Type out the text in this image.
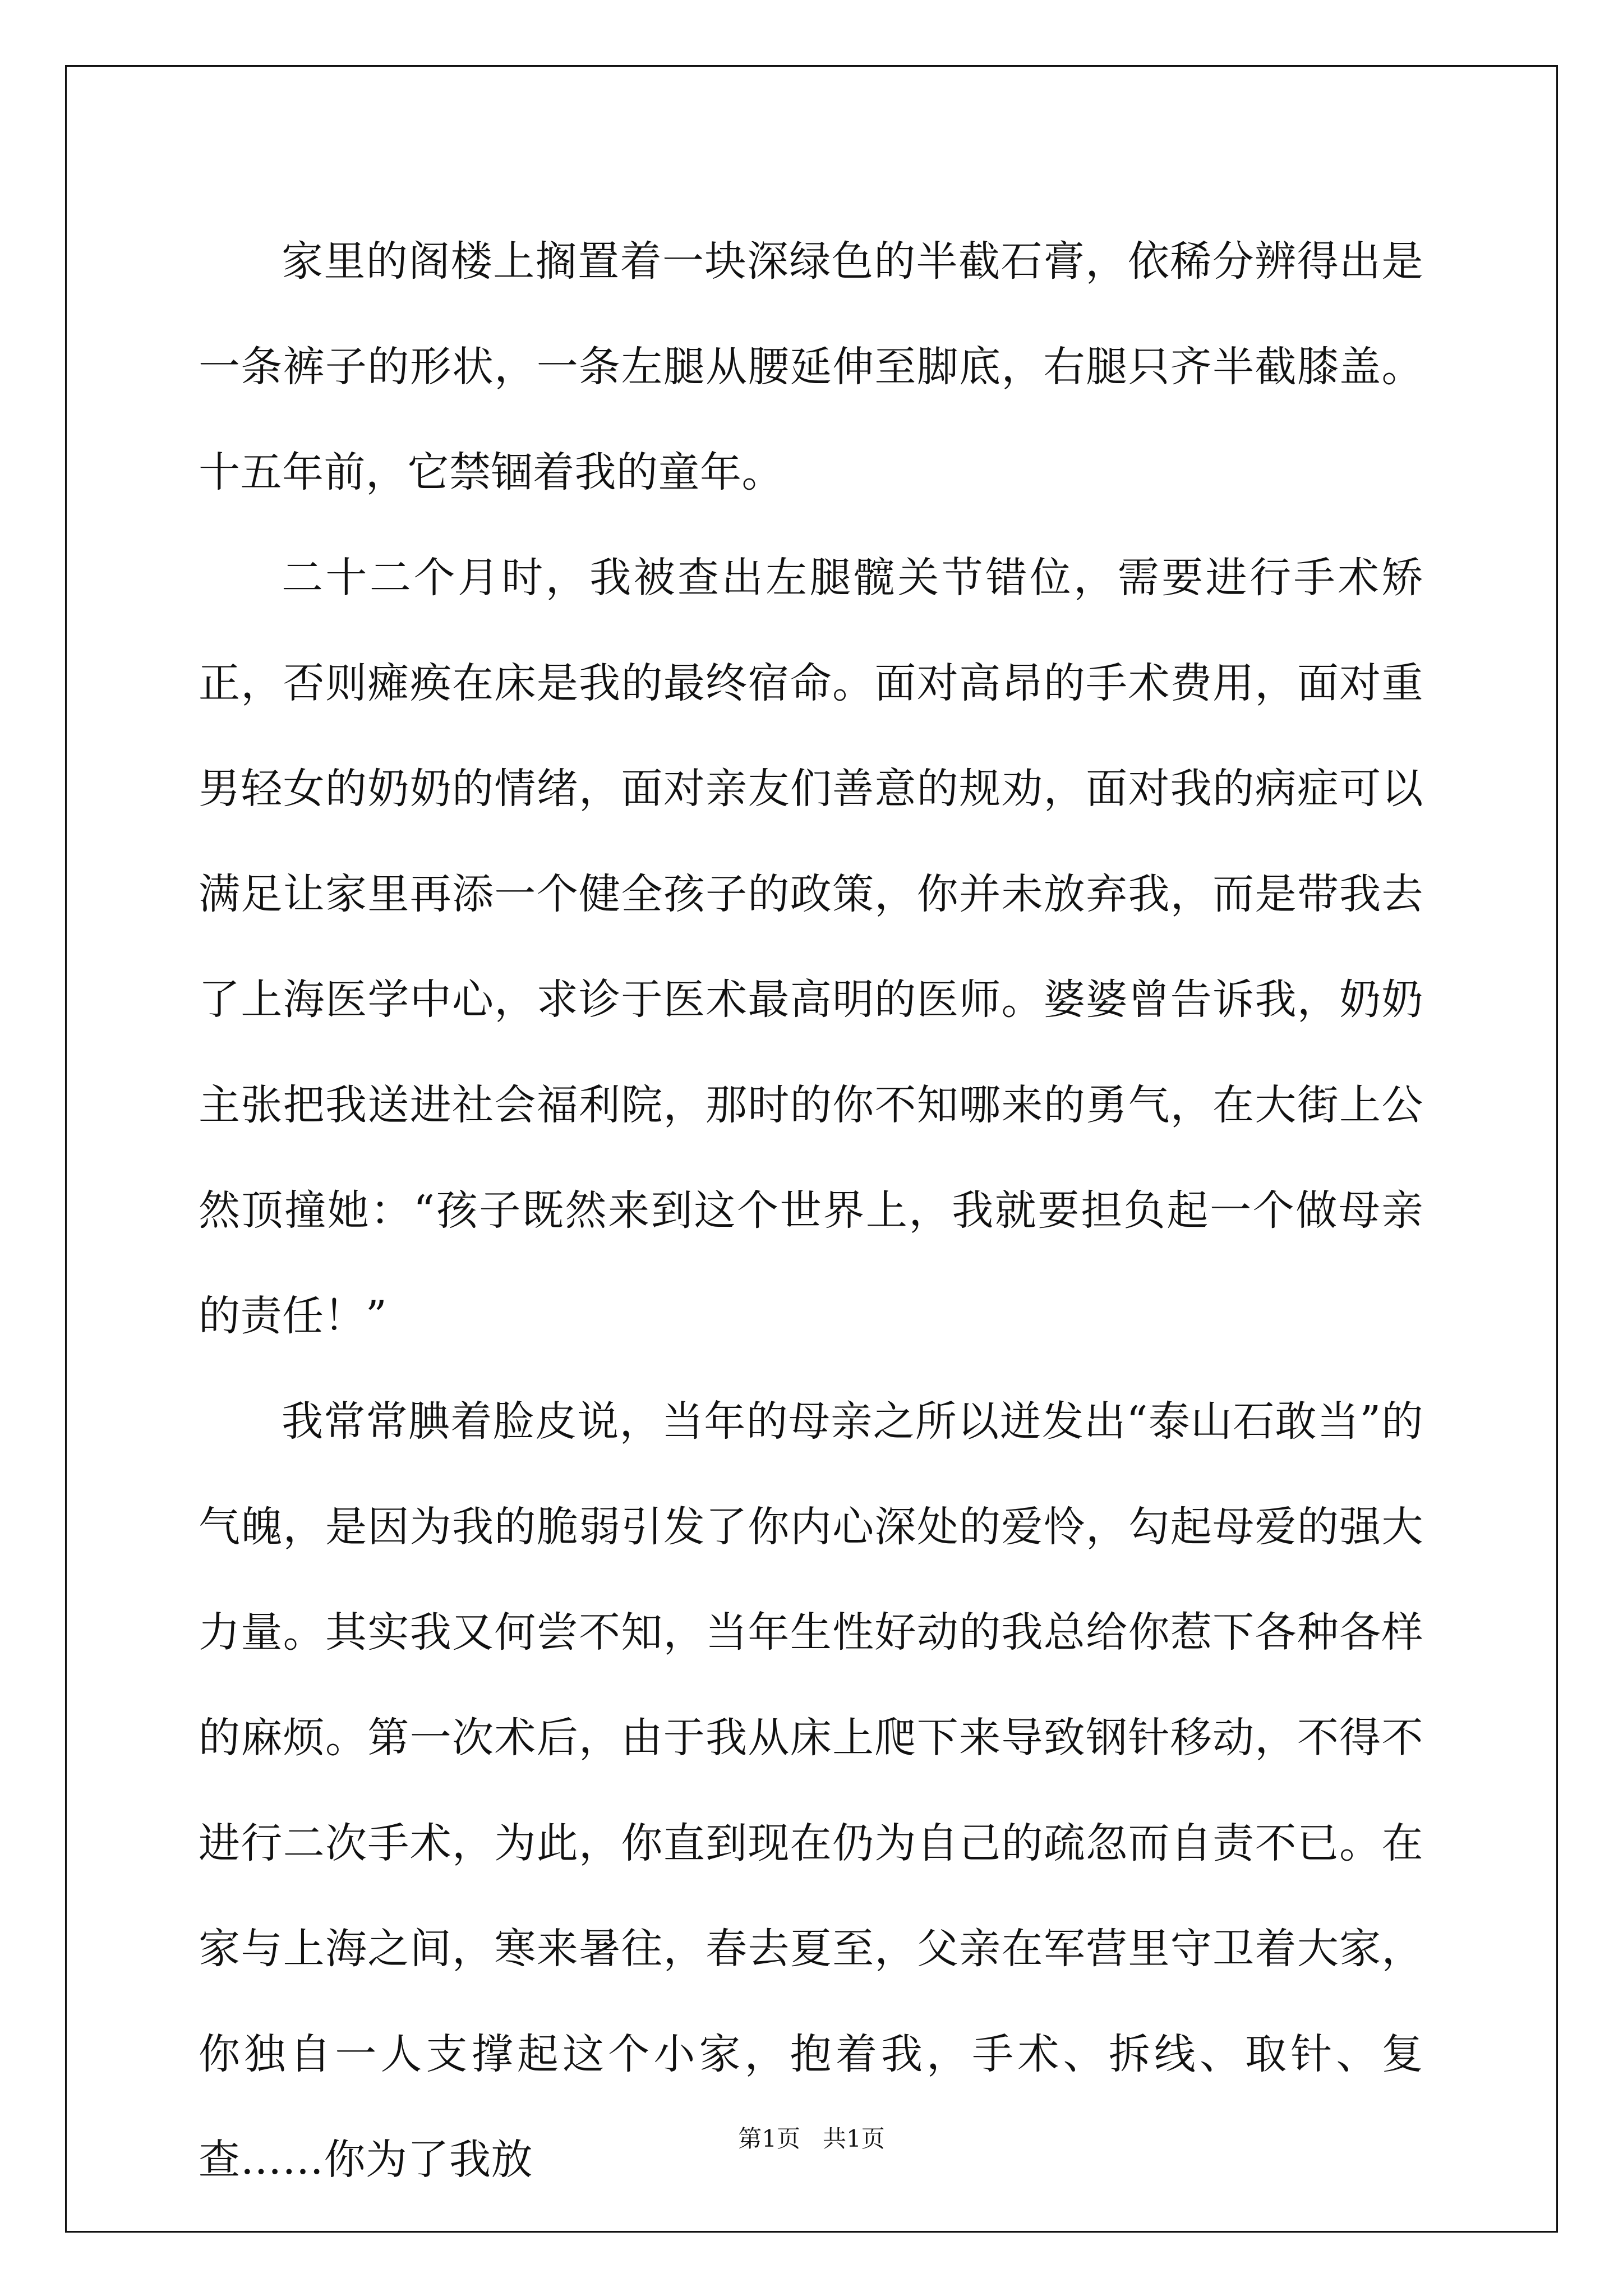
家里的阁楼上搁置着一块深绿色的半截石膏，依稀分辨得出是一条裤子的形状，一条左腿从腰延伸至脚底，右腿只齐半截膝盖。十五年前，它禁锢着我的童年。

二十二个月时，我被查出左腿髋关节错位，需要进行手术矫正，否则瘫痪在床是我的最终宿命。面对高昂的手术费用，面对重男轻女的奶奶的情绪，面对亲友们善意的规劝，面对我的病症可以满足让家里再添一个健全孩子的政策，你并未放弃我，而是带我去了上海医学中心，求诊于医术最高明的医师。婆婆曾告诉我，奶奶主张把我送进社会福利院，那时的你不知哪来的勇气，在大街上公然顶撞她：“孩子既然来到这个世界上，我就要担负起一个做母亲的责任！”

我常常腆着脸皮说，当年的母亲之所以迸发出“泰山石敢当”的气魄，是因为我的脆弱引发了你内心深处的爱怜，勾起母爱的强大力量。其实我又何尝不知，当年生性好动的我总给你惹下各种各样的麻烦。第一次术后，由于我从床上爬下来导致钢针移动，不得不进行二次手术，为此，你直到现在仍为自己的疏忽而自责不已。在家与上海之间，寒来暑往，春去夏至，父亲在军营里守卫着大家，你独自一人支撑起这个小家，抱着我，手术、拆线、取针、复查……你为了我放	第1页   共1页
